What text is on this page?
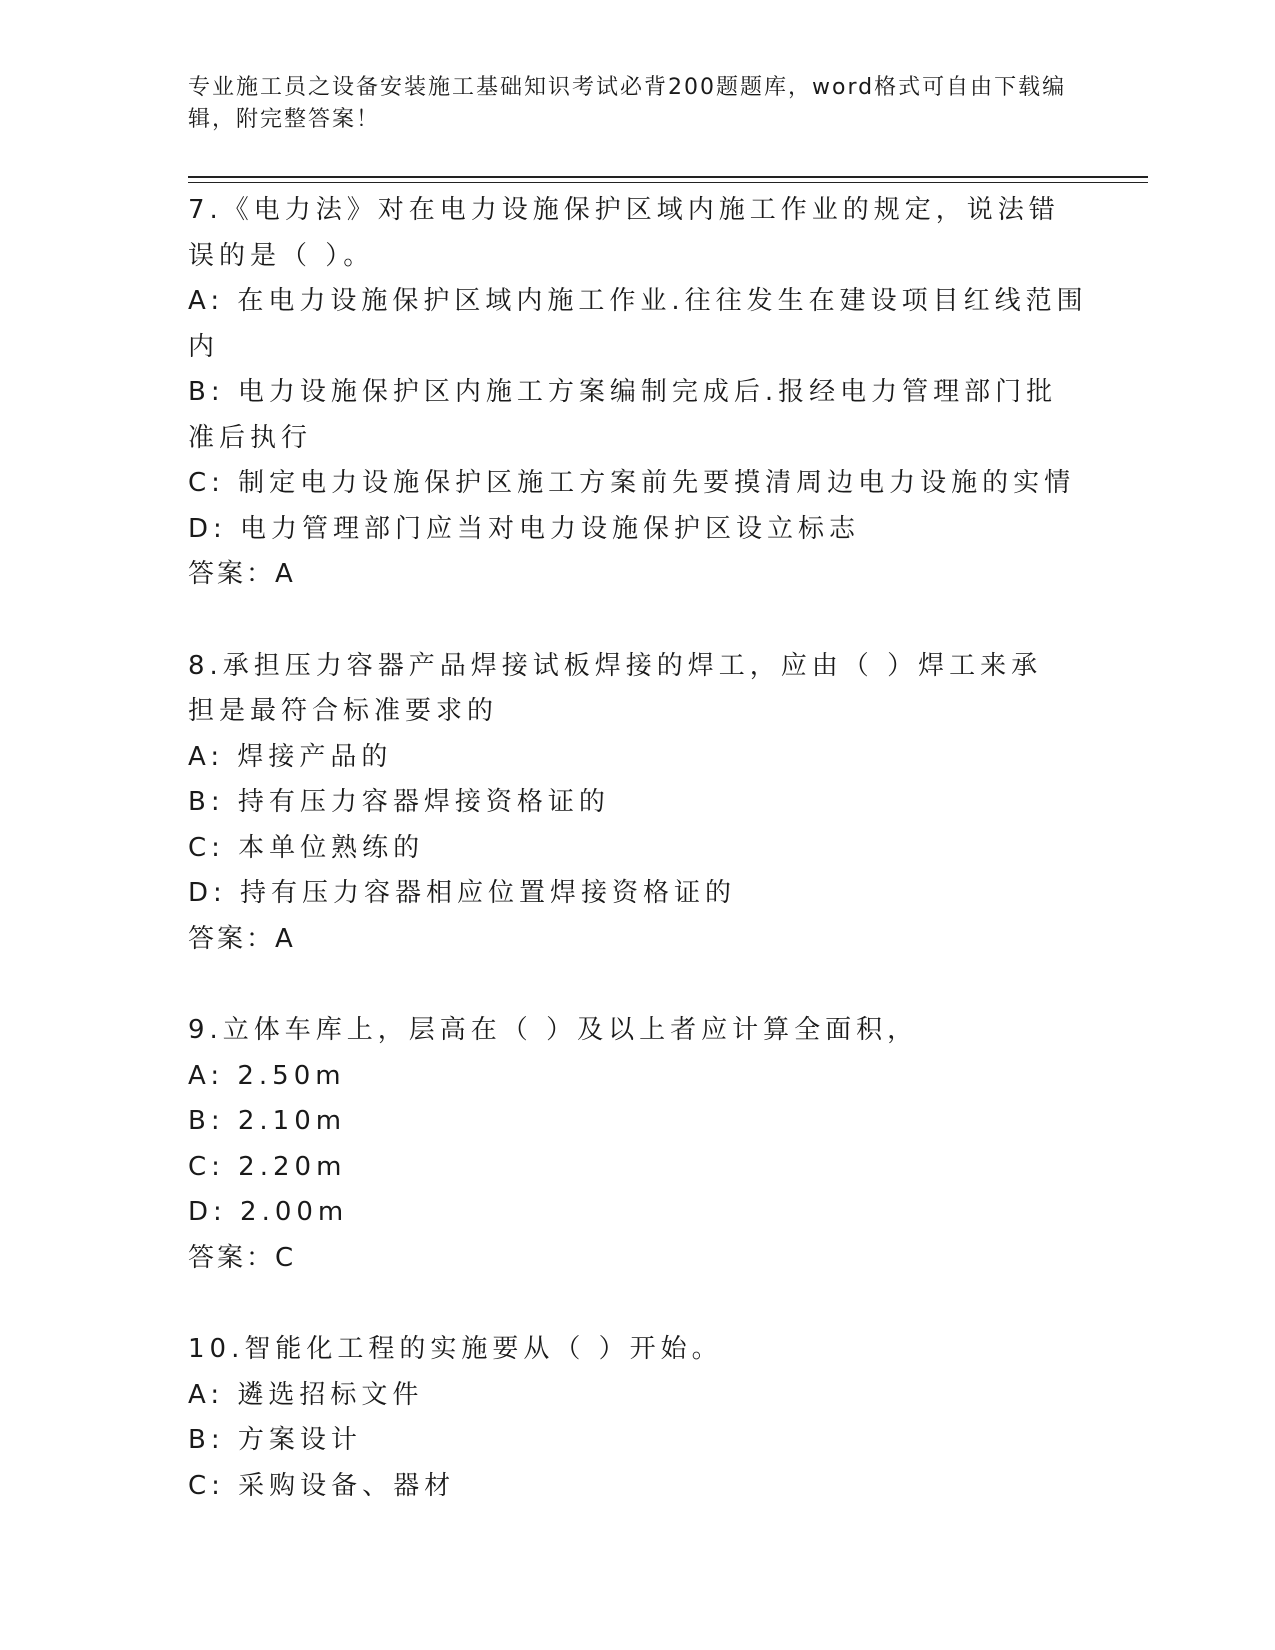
专业施工员之设备安装施工基础知识考试必背200题题库，word格式可自由下载编辑，附完整答案！

7.《电力法》对在电力设施保护区域内施工作业的规定，说法错误的是（ ）。

A: 在电力设施保护区域内施工作业.往往发生在建设项目红线范围内

B: 电力设施保护区内施工方案编制完成后.报经电力管理部门批准后执行

C: 制定电力设施保护区施工方案前先要摸清周边电力设施的实情

D: 电力管理部门应当对电力设施保护区设立标志

答案：A

8.承担压力容器产品焊接试板焊接的焊工，应由（ ）焊工来承担是最符合标准要求的

A: 焊接产品的

B: 持有压力容器焊接资格证的

C: 本单位熟练的

D: 持有压力容器相应位置焊接资格证的

答案：A

9.立体车库上，层高在（ ）及以上者应计算全面积，

A: 2.50m

B: 2.10m

C: 2.20m

D: 2.00m

答案：C

10.智能化工程的实施要从（ ）开始。

A: 遴选招标文件

B: 方案设计

C: 采购设备、器材
